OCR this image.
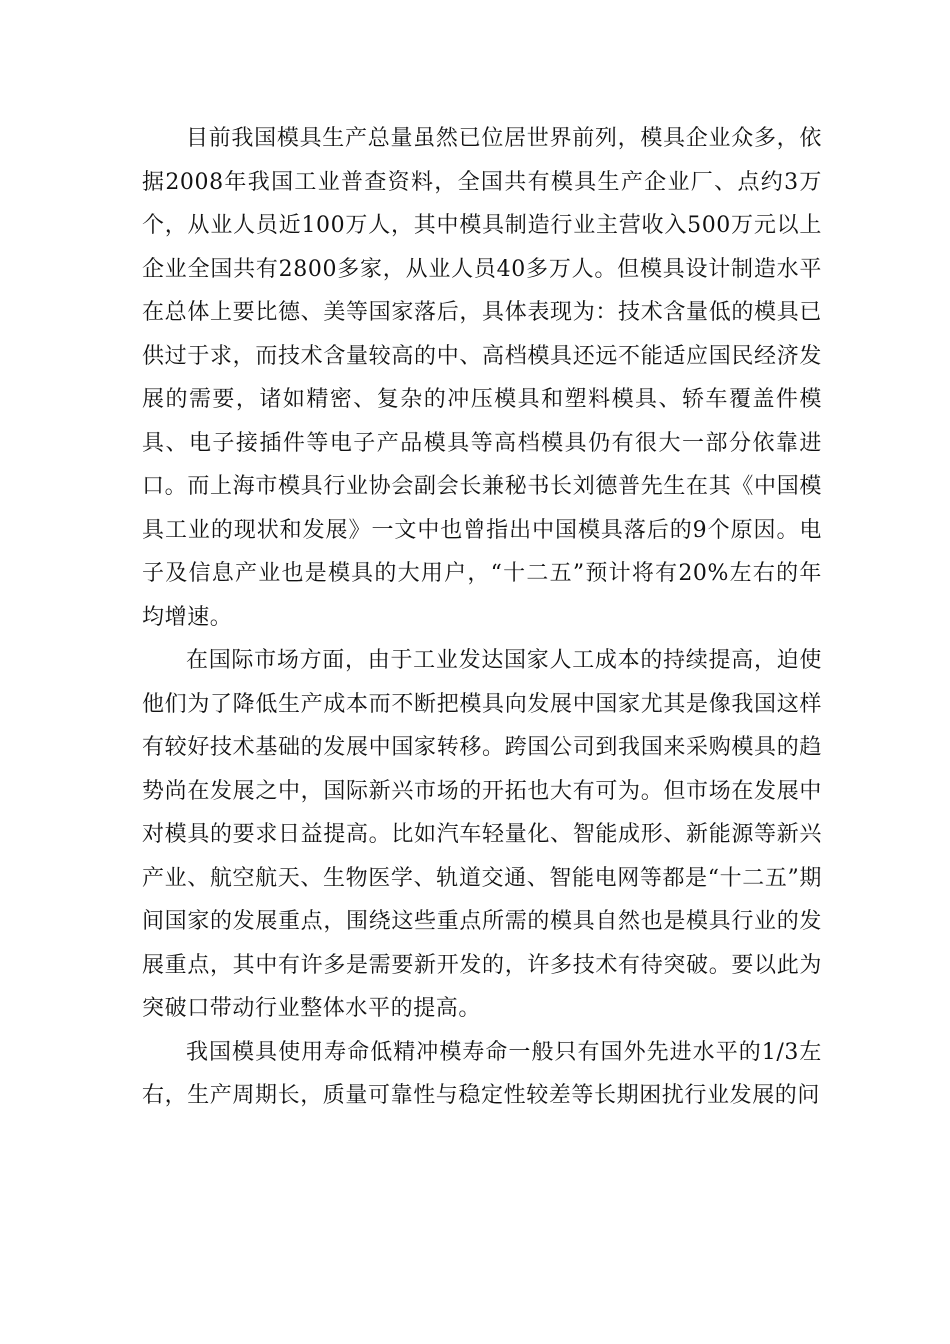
目前我国模具生产总量虽然已位居世界前列，模具企业众多，依据2008年我国工业普查资料，全国共有模具生产企业厂、点约3万个，从业人员近100万人，其中模具制造行业主营收入500万元以上企业全国共有2800多家，从业人员40多万人。但模具设计制造水平在总体上要比德、美等国家落后，具体表现为：技术含量低的模具已供过于求，而技术含量较高的中、高档模具还远不能适应国民经济发展的需要，诸如精密、复杂的冲压模具和塑料模具、轿车覆盖件模具、电子接插件等电子产品模具等高档模具仍有很大一部分依靠进口。而上海市模具行业协会副会长兼秘书长刘德普先生在其《中国模具工业的现状和发展》一文中也曾指出中国模具落后的9个原因。电子及信息产业也是模具的大用户，“十二五”预计将有20%左右的年均增速。

在国际市场方面，由于工业发达国家人工成本的持续提高，迫使他们为了降低生产成本而不断把模具向发展中国家尤其是像我国这样有较好技术基础的发展中国家转移。跨国公司到我国来采购模具的趋势尚在发展之中，国际新兴市场的开拓也大有可为。但市场在发展中对模具的要求日益提高。比如汽车轻量化、智能成形、新能源等新兴产业、航空航天、生物医学、轨道交通、智能电网等都是“十二五”期间国家的发展重点，围绕这些重点所需的模具自然也是模具行业的发展重点，其中有许多是需要新开发的，许多技术有待突破。要以此为突破口带动行业整体水平的提高。

我国模具使用寿命低精冲模寿命一般只有国外先进水平的1/3左右，生产周期长，质量可靠性与稳定性较差等长期困扰行业发展的问
